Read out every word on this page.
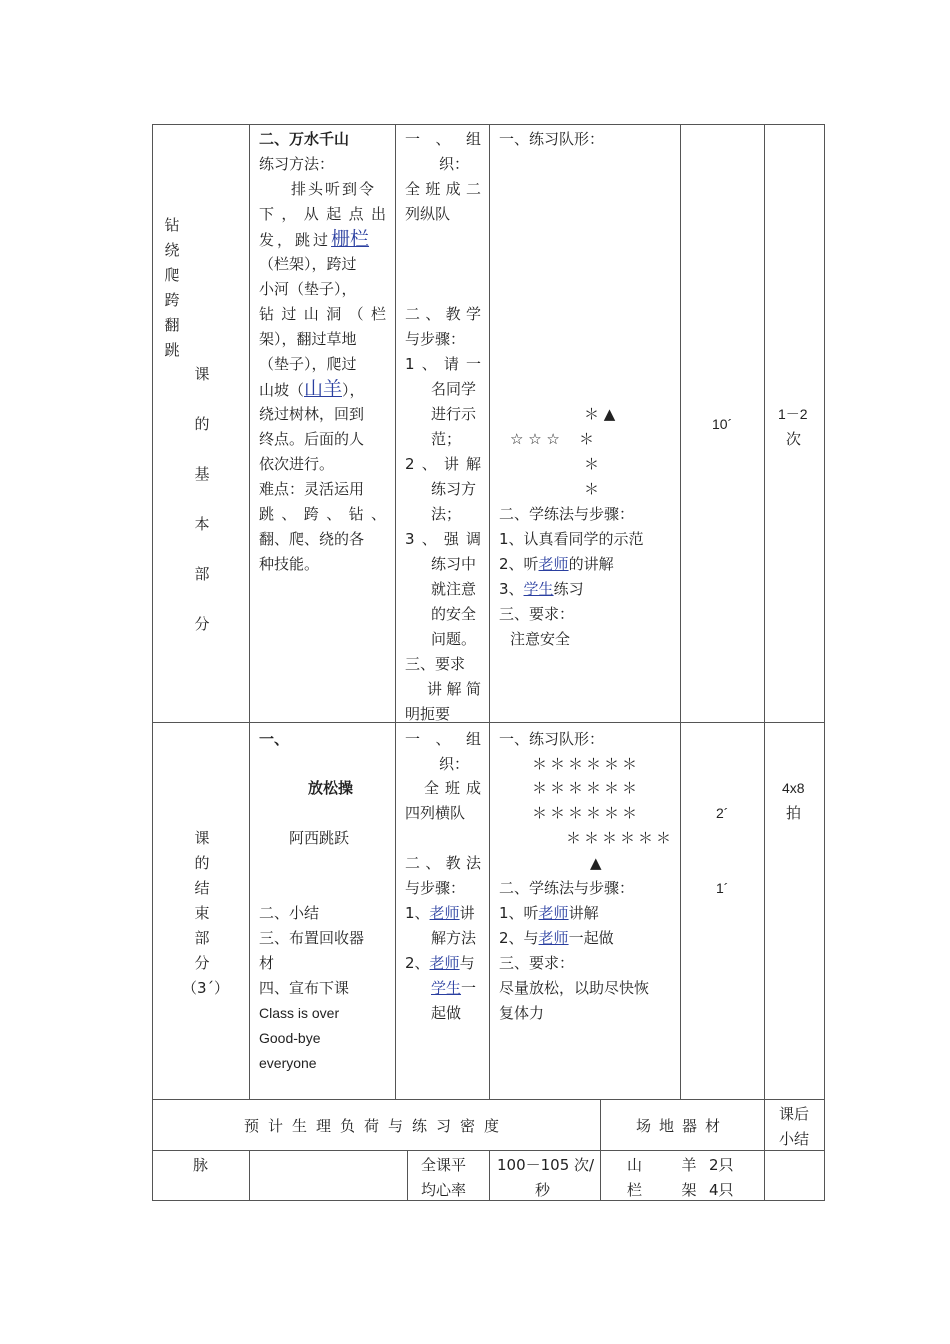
钻
绕
爬
跨
翻
跳
课

的

基

本

部

分
二、万水千山
练习方法：
排头听到令
下，从起点出
发，跳过栅栏
（栏架），跨过
小河（垫子），
钻过山洞（栏
架），翻过草地
（垫子），爬过
山坡（山羊），
绕过树林，回到
终点。后面的人
依次进行。
难点：灵活运用
跳、跨、钻、
翻、爬、绕的各
种技能。
一、组
织：
全班成二
列纵队
二、教学
与步骤：
1、请一
名同学
进行示
范；
2、讲解
练习方
法；
3、强调
练习中
就注意
的安全
问题。
三、要求
讲解简
明扼要
一、练习队形：
＊ ▲
☆ ☆ ☆    ＊
＊
＊
二、学练法与步骤：
1、认真看同学的示范
2、听老师的讲解
3、学生练习
三、要求：
注意安全
10´
1－2
次
课
的
结
束
部
分
（3´）
一、
放松操
阿西跳跃
二、小结
三、布置回收器
材
四、宣布下课
Class is over
Good-bye
everyone
一、组
织：
全班成
四列横队
二、教法
与步骤：
1、老师讲
解方法
2、老师与
学生一
起做
一、练习队形：
＊＊＊＊＊＊
＊＊＊＊＊＊
＊＊＊＊＊＊
＊＊＊＊＊＊
▲
二、学练法与步骤：
1、听老师讲解
2、与老师一起做
三、要求：
尽量放松，以助尽快恢
复体力
2´
1´
4x8
拍
预计生理负荷与练习密度	场地器材
课后
小结
脉	全课平
均心率
100－105 次/
秒
山  羊 2只
栏  架 4只
